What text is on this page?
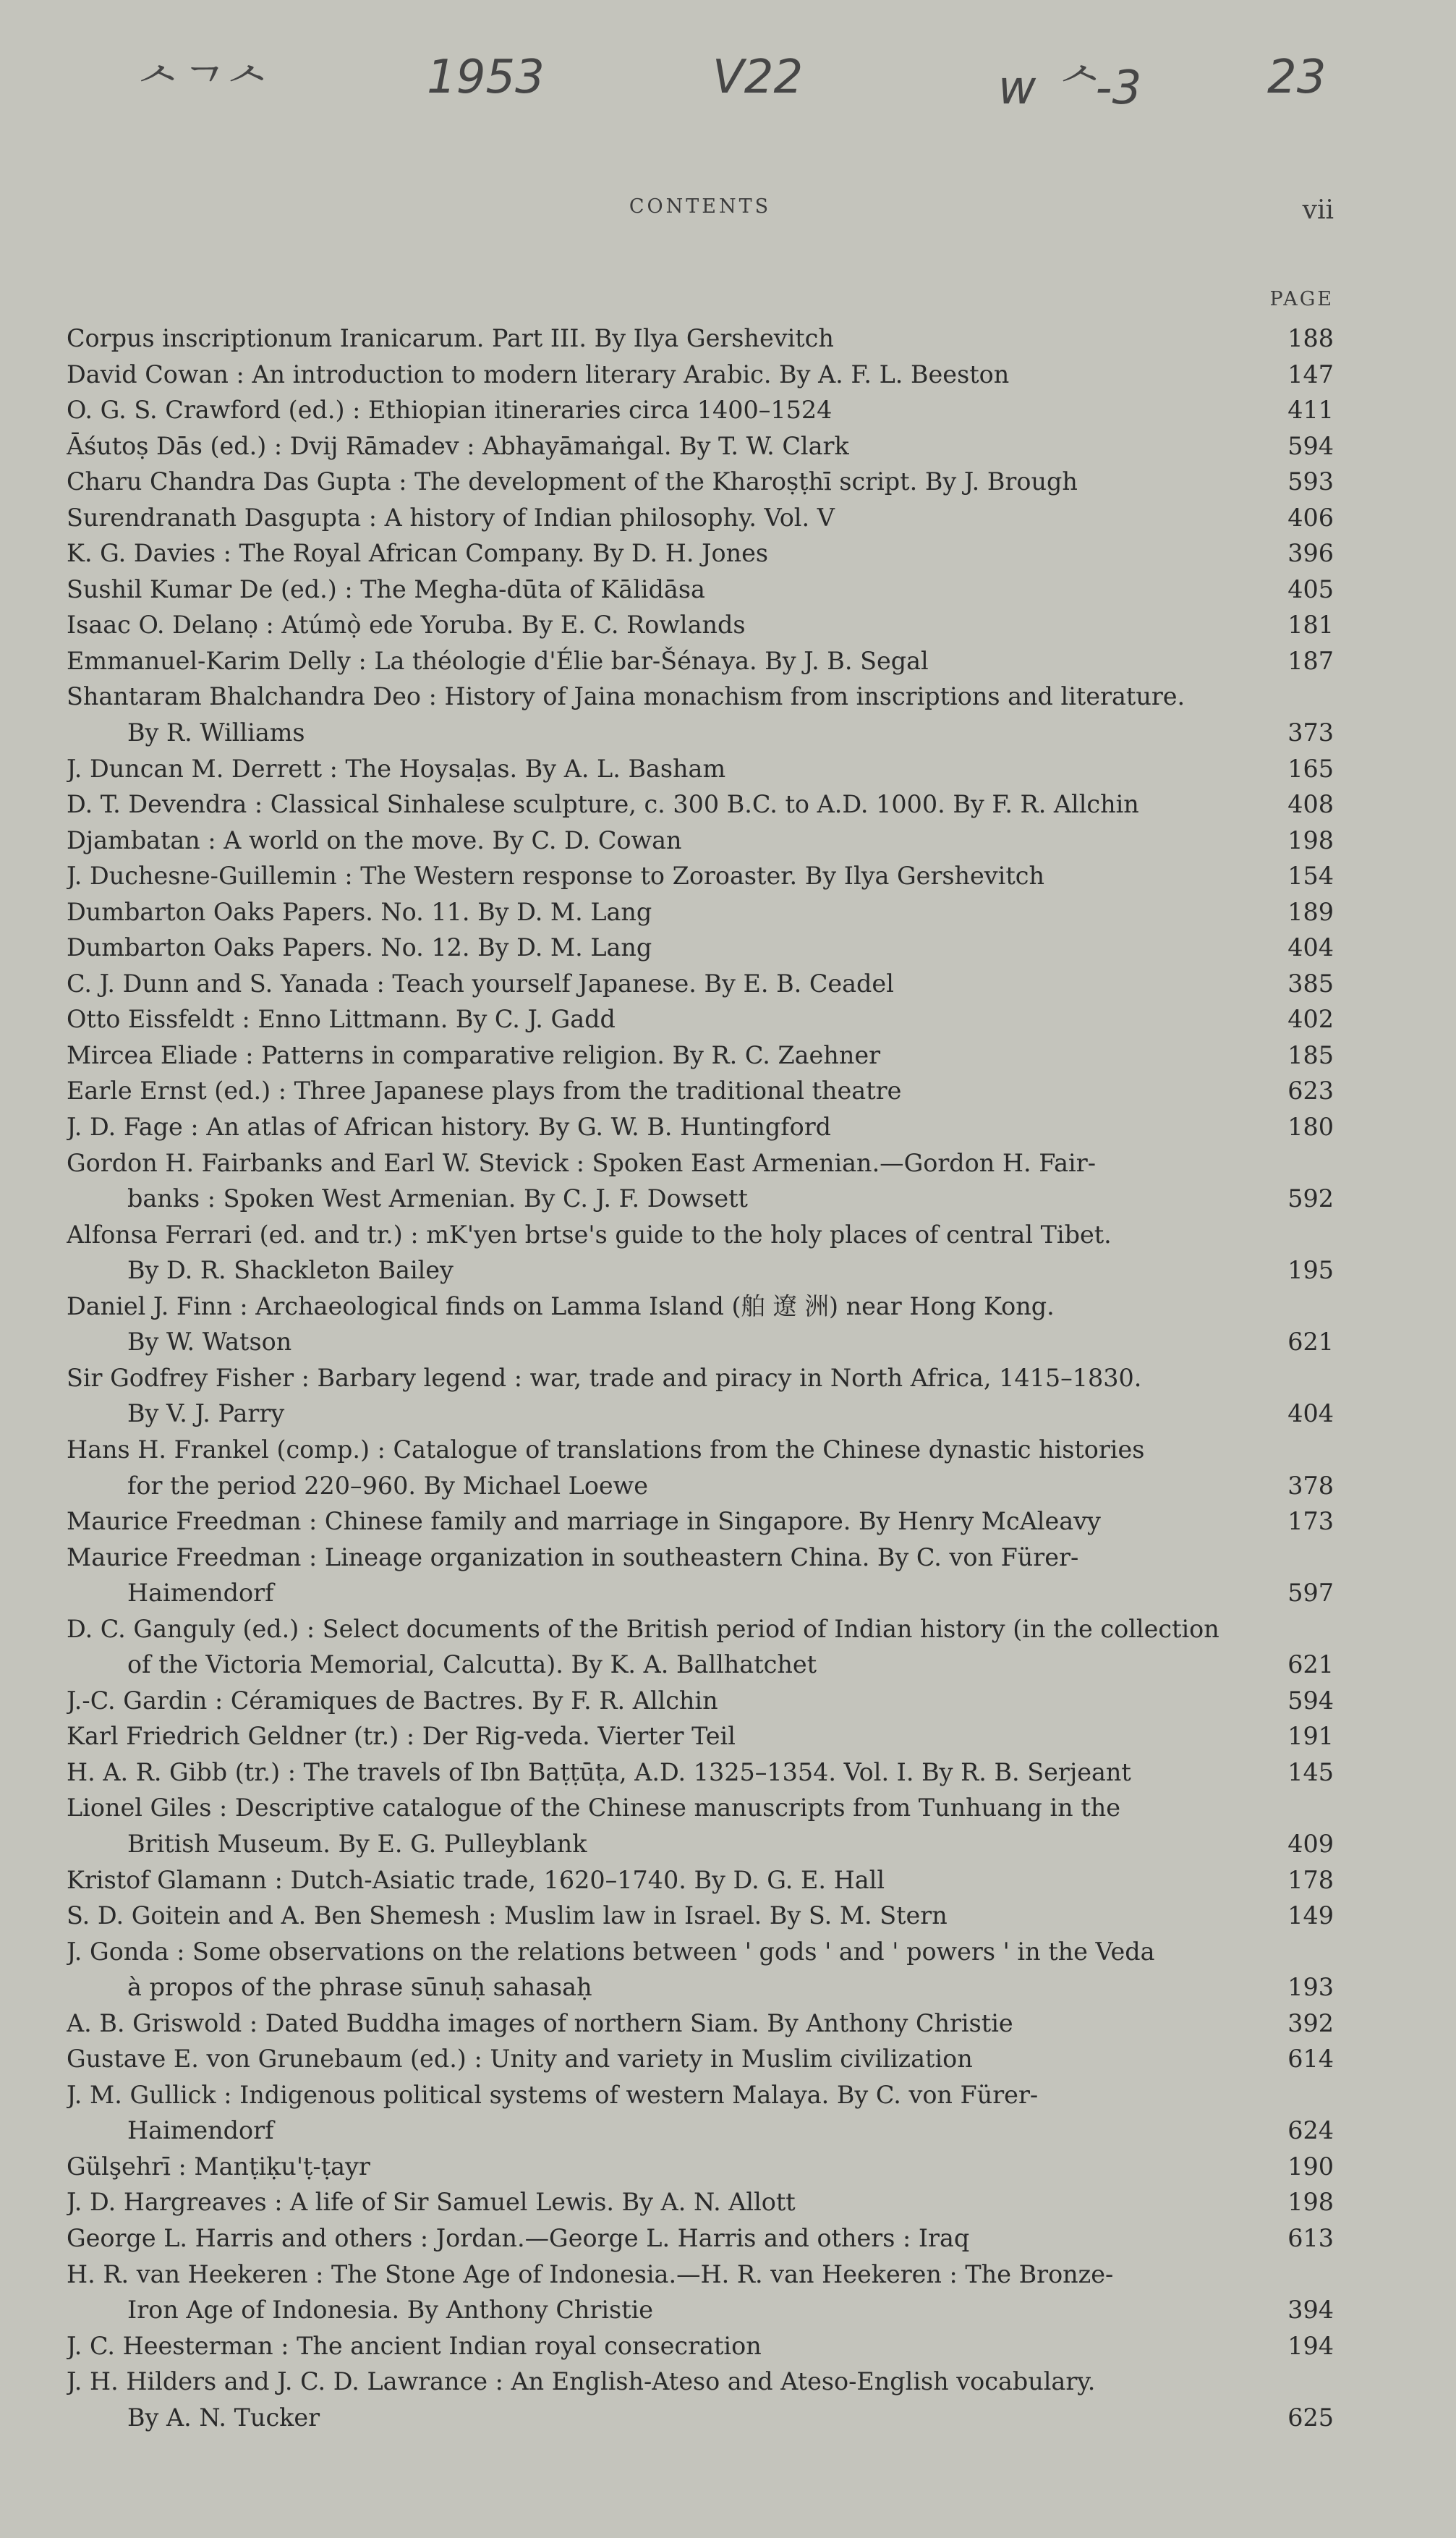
ᄉᄀᄉ	1953	V22	ᴡ ᄉ-3	23
CONTENTS	vii
PAGE
Corpus inscriptionum Iranicarum. Part III. By Ilya Gershevitch	188
David Cowan : An introduction to modern literary Arabic. By A. F. L. Beeston	147
O. G. S. Crawford (ed.) : Ethiopian itineraries circa 1400–1524	411
Āśutoṣ Dās (ed.) : Dvij Rāmadev : Abhayāmaṅgal. By T. W. Clark	594
Charu Chandra Das Gupta : The development of the Kharoṣṭhī script. By J. Brough	593
Surendranath Dasgupta : A history of Indian philosophy. Vol. V	406
K. G. Davies : The Royal African Company. By D. H. Jones	396
Sushil Kumar De (ed.) : The Megha-dūta of Kālidāsa	405
Isaac O. Delanọ : Atúmọ̀ ede Yoruba. By E. C. Rowlands	181
Emmanuel-Karim Delly : La théologie d'Élie bar-Šénaya. By J. B. Segal	187
Shantaram Bhalchandra Deo : History of Jaina monachism from inscriptions and literature.
By R. Williams	373
J. Duncan M. Derrett : The Hoysaḷas. By A. L. Basham	165
D. T. Devendra : Classical Sinhalese sculpture, c. 300 B.C. to A.D. 1000. By F. R. Allchin	408
Djambatan : A world on the move. By C. D. Cowan	198
J. Duchesne-Guillemin : The Western response to Zoroaster. By Ilya Gershevitch	154
Dumbarton Oaks Papers. No. 11. By D. M. Lang	189
Dumbarton Oaks Papers. No. 12. By D. M. Lang	404
C. J. Dunn and S. Yanada : Teach yourself Japanese. By E. B. Ceadel	385
Otto Eissfeldt : Enno Littmann. By C. J. Gadd	402
Mircea Eliade : Patterns in comparative religion. By R. C. Zaehner	185
Earle Ernst (ed.) : Three Japanese plays from the traditional theatre	623
J. D. Fage : An atlas of African history. By G. W. B. Huntingford	180
Gordon H. Fairbanks and Earl W. Stevick : Spoken East Armenian.—Gordon H. Fair-
banks : Spoken West Armenian. By C. J. F. Dowsett	592
Alfonsa Ferrari (ed. and tr.) : mK'yen brtse's guide to the holy places of central Tibet.
By D. R. Shackleton Bailey	195
Daniel J. Finn : Archaeological finds on Lamma Island (舶 遼 洲) near Hong Kong.
By W. Watson	621
Sir Godfrey Fisher : Barbary legend : war, trade and piracy in North Africa, 1415–1830.
By V. J. Parry	404
Hans H. Frankel (comp.) : Catalogue of translations from the Chinese dynastic histories
for the period 220–960. By Michael Loewe	378
Maurice Freedman : Chinese family and marriage in Singapore. By Henry McAleavy	173
Maurice Freedman : Lineage organization in southeastern China. By C. von Fürer-
Haimendorf	597
D. C. Ganguly (ed.) : Select documents of the British period of Indian history (in the collection
of the Victoria Memorial, Calcutta). By K. A. Ballhatchet	621
J.-C. Gardin : Céramiques de Bactres. By F. R. Allchin	594
Karl Friedrich Geldner (tr.) : Der Rig-veda. Vierter Teil	191
H. A. R. Gibb (tr.) : The travels of Ibn Baṭṭūṭa, A.D. 1325–1354. Vol. I. By R. B. Serjeant	145
Lionel Giles : Descriptive catalogue of the Chinese manuscripts from Tunhuang in the
British Museum. By E. G. Pulleyblank	409
Kristof Glamann : Dutch-Asiatic trade, 1620–1740. By D. G. E. Hall	178
S. D. Goitein and A. Ben Shemesh : Muslim law in Israel. By S. M. Stern	149
J. Gonda : Some observations on the relations between ' gods ' and ' powers ' in the Veda
à propos of the phrase sūnuḥ sahasaḥ	193
A. B. Griswold : Dated Buddha images of northern Siam. By Anthony Christie	392
Gustave E. von Grunebaum (ed.) : Unity and variety in Muslim civilization	614
J. M. Gullick : Indigenous political systems of western Malaya. By C. von Fürer-
Haimendorf	624
Gülşehrī : Manṭiḳu'ṭ-ṭayr	190
J. D. Hargreaves : A life of Sir Samuel Lewis. By A. N. Allott	198
George L. Harris and others : Jordan.—George L. Harris and others : Iraq	613
H. R. van Heekeren : The Stone Age of Indonesia.—H. R. van Heekeren : The Bronze-
Iron Age of Indonesia. By Anthony Christie	394
J. C. Heesterman : The ancient Indian royal consecration	194
J. H. Hilders and J. C. D. Lawrance : An English-Ateso and Ateso-English vocabulary.
By A. N. Tucker	625
